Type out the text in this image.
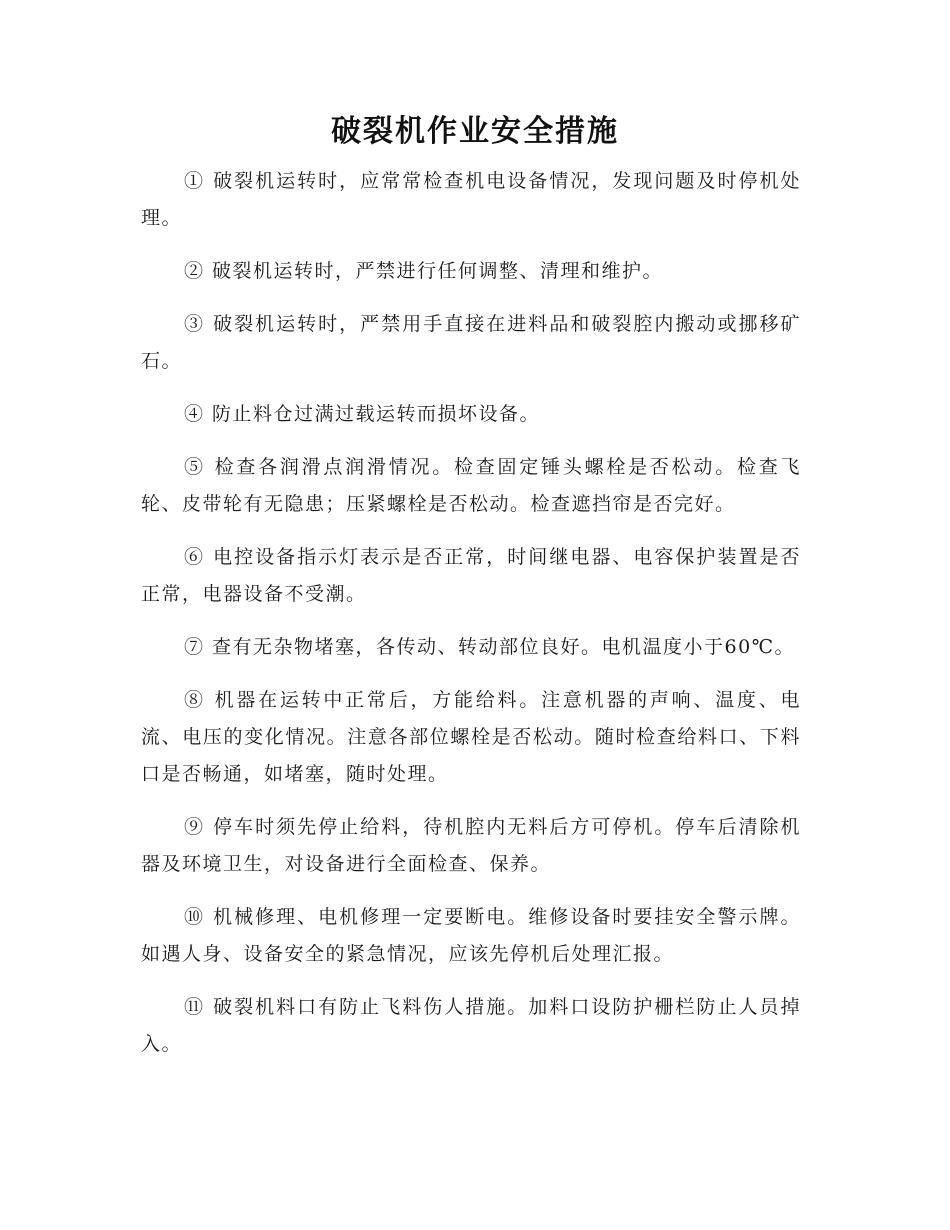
破裂机作业安全措施

① 破裂机运转时，应常常检查机电设备情况，发现问题及时停机处理。

② 破裂机运转时，严禁进行任何调整、清理和维护。

③ 破裂机运转时，严禁用手直接在进料品和破裂腔内搬动或挪移矿石。

④ 防止料仓过满过载运转而损坏设备。

⑤ 检查各润滑点润滑情况。检查固定锤头螺栓是否松动。检查飞轮、皮带轮有无隐患；压紧螺栓是否松动。检查遮挡帘是否完好。

⑥ 电控设备指示灯表示是否正常，时间继电器、电容保护装置是否正常，电器设备不受潮。

⑦ 查有无杂物堵塞，各传动、转动部位良好。电机温度小于60℃。

⑧ 机器在运转中正常后，方能给料。注意机器的声响、温度、电流、电压的变化情况。注意各部位螺栓是否松动。随时检查给料口、下料口是否畅通，如堵塞，随时处理。

⑨ 停车时须先停止给料，待机腔内无料后方可停机。停车后清除机器及环境卫生，对设备进行全面检查、保养。

⑩ 机械修理、电机修理一定要断电。维修设备时要挂安全警示牌。如遇人身、设备安全的紧急情况，应该先停机后处理汇报。

⑪ 破裂机料口有防止飞料伤人措施。加料口设防护栅栏防止人员掉入。
